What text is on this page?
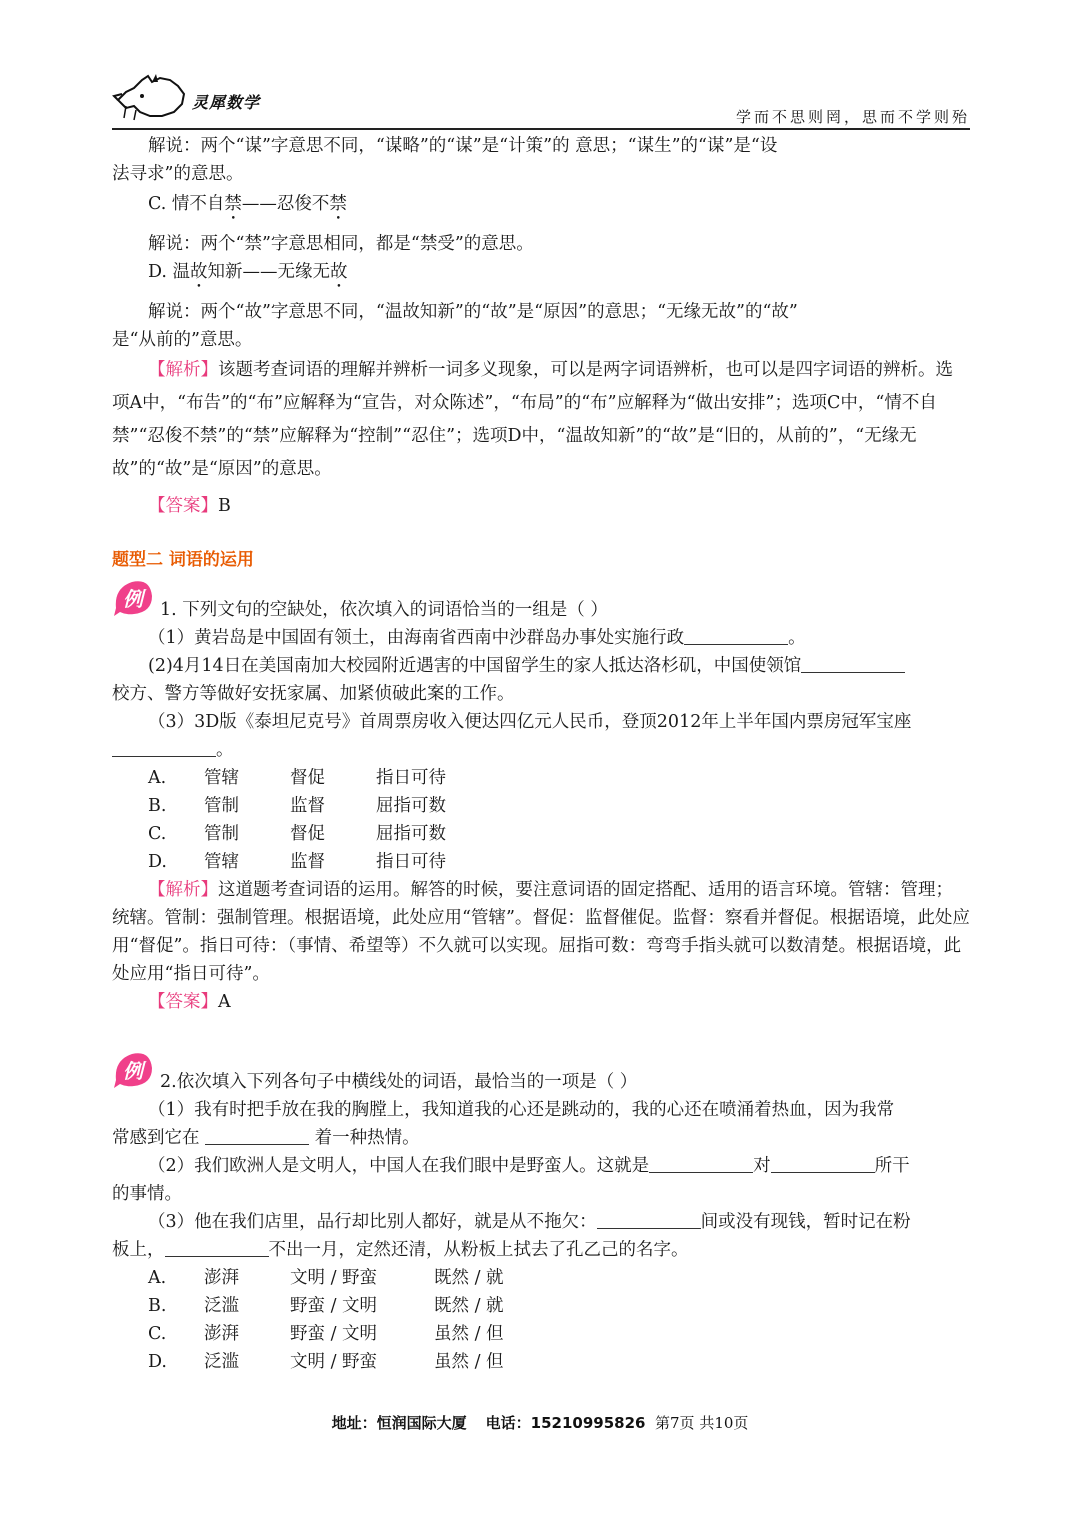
灵犀数学
学而不思则罔，思而不学则殆

解说：两个“谋”字意思不同，“谋略”的“谋”是“计策”的 意思；“谋生”的“谋”是“设

法寻求”的意思。

C. 情不自禁——忍俊不禁

解说：两个“禁”字意思相同，都是“禁受”的意思。

D. 温故知新——无缘无故

解说：两个“故”字意思不同，“温故知新”的“故”是“原因”的意思；“无缘无故”的“故”

是“从前的”意思。

【解析】该题考查词语的理解并辨析一词多义现象，可以是两字词语辨析，也可以是四字词语的辨析。选项A中，“布告”的“布”应解释为“宣告，对众陈述”，“布局”的“布”应解释为“做出安排”；选项C中，“情不自禁”“忍俊不禁”的“禁”应解释为“控制”“忍住”；选项D中，“温故知新”的“故”是“旧的，从前的”，“无缘无故”的“故”是“原因”的意思。

【答案】B

题型二 词语的运用

例 1. 下列文句的空缺处，依次填入的词语恰当的一组是（ ）

（1）黄岩岛是中国固有领土，由海南省西南中沙群岛办事处实施行政	。

(2)4月14日在美国南加大校园附近遇害的中国留学生的家人抵达洛杉矶，中国使领馆

校方、警方等做好安抚家属、加紧侦破此案的工作。

（3）3D版《泰坦尼克号》首周票房收入便达四亿元人民币，登顶2012年上半年国内票房冠军宝座

。

A.	管辖	督促	指日可待
B.	管制	监督	屈指可数
C.	管制	督促	屈指可数
D.	管辖	监督	指日可待

【解析】这道题考查词语的运用。解答的时候，要注意词语的固定搭配、适用的语言环境。管辖：管理；统辖。管制：强制管理。根据语境，此处应用“管辖”。督促：监督催促。监督：察看并督促。根据语境，此处应用“督促”。指日可待：（事情、希望等）不久就可以实现。屈指可数：弯弯手指头就可以数清楚。根据语境，此处应用“指日可待”。

【答案】A

例 2.依次填入下列各句子中横线处的词语，最恰当的一项是（ ）

（1）我有时把手放在我的胸膛上，我知道我的心还是跳动的，我的心还在喷涌着热血，因为我常

常感到它在	着一种热情。

（2）我们欧洲人是文明人，中国人在我们眼中是野蛮人。这就是	对	所干

的事情。

（3）他在我们店里，品行却比别人都好，就是从不拖欠：	间或没有现钱，暂时记在粉

板上，	不出一月，定然还清，从粉板上拭去了孔乙己的名字。

A.	澎湃	文明 / 野蛮	既然 / 就
B.	泛滥	野蛮 / 文明	既然 / 就
C.	澎湃	野蛮 / 文明	虽然 / 但
D.	泛滥	文明 / 野蛮	虽然 / 但
地址：恒润国际大厦 电话：15210995826 第7页 共10页
